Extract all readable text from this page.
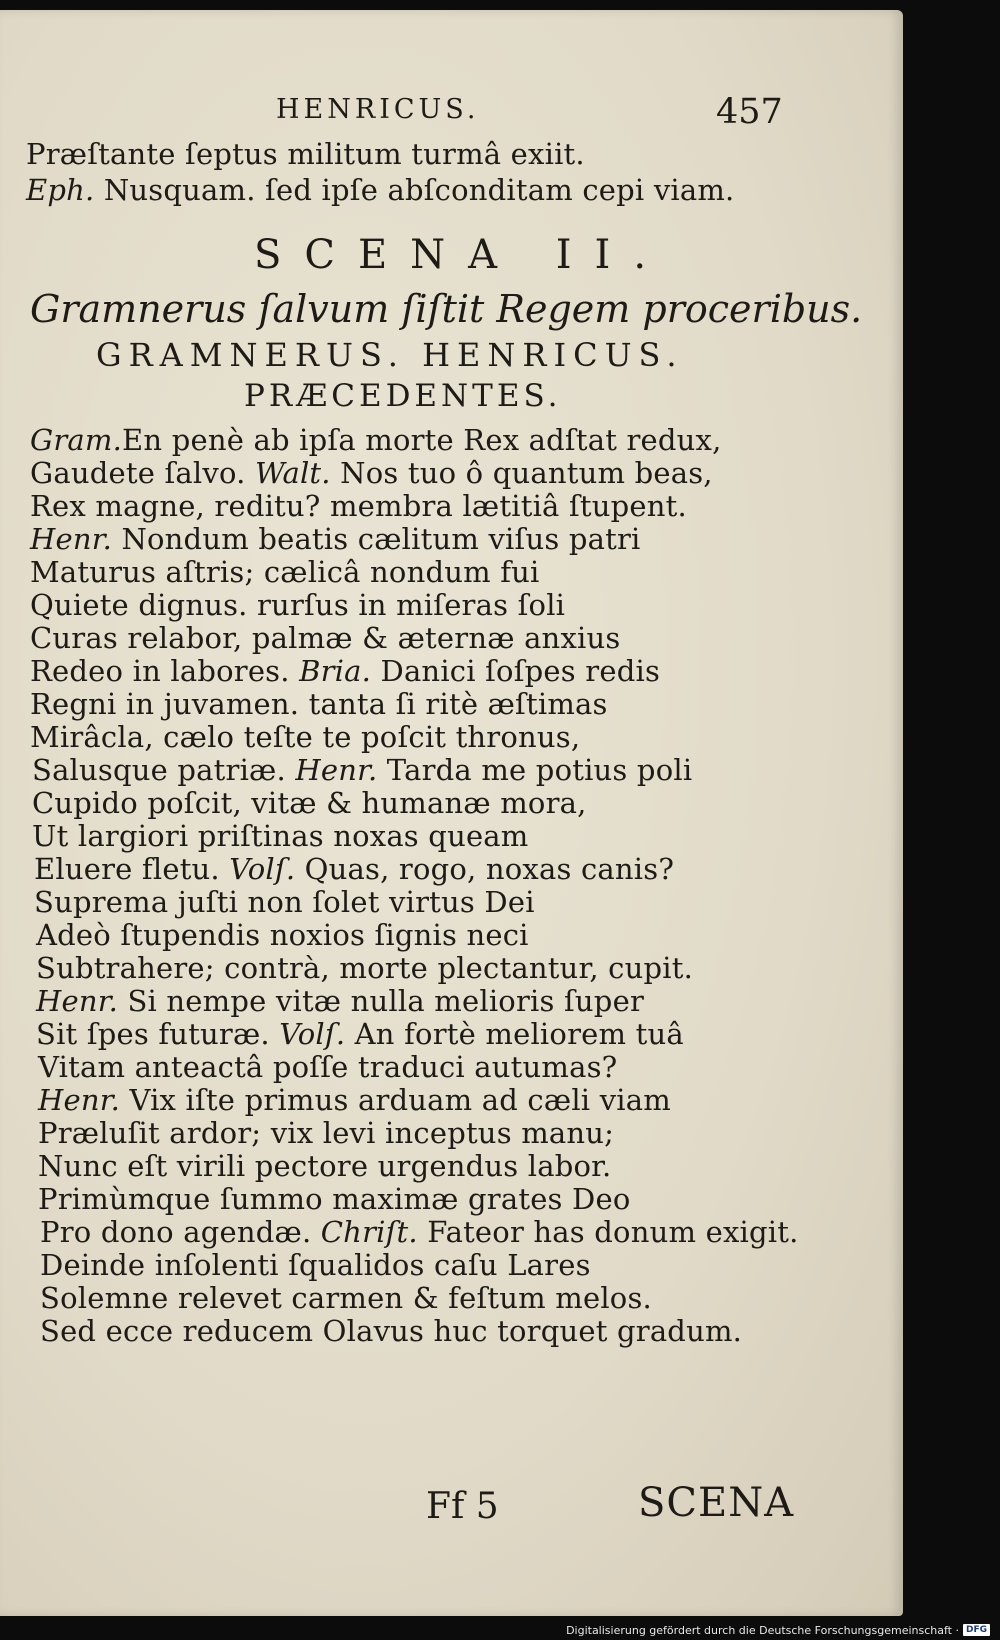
HENRICUS.	457
Præſtante ſeptus militum turmâ exiit.
Eph. Nusquam. ſed ipſe abſconditam cepi viam.
SCENA II.
Gramnerus ſalvum ſiſtit Regem proceribus.
GRAMNERUS. HENRICUS.
PRÆCEDENTES.
Gram.En penè ab ipſa morte Rex adſtat redux,
Gaudete ſalvo. Walt. Nos tuo ô quantum beas,
Rex magne, reditu? membra lætitiâ ſtupent.
Henr. Nondum beatis cælitum viſus patri
Maturus aſtris; cælicâ nondum fui
Quiete dignus. rurſus in miſeras ſoli
Curas relabor, palmæ & æternæ anxius
Redeo in labores. Bria. Danici ſoſpes redis
Regni in juvamen. tanta ſi ritè æſtimas
Mirâcla, cælo teſte te poſcit thronus,
Salusque patriæ. Henr. Tarda me potius poli
Cupido poſcit, vitæ & humanæ mora,
Ut largiori priſtinas noxas queam
Eluere fletu. Volſ. Quas, rogo, noxas canis?
Suprema juſti non ſolet virtus Dei
Adeò ſtupendis noxios ſignis neci
Subtrahere; contrà, morte plectantur, cupit.
Henr. Si nempe vitæ nulla melioris ſuper
Sit ſpes futuræ. Volſ. An fortè meliorem tuâ
Vitam anteactâ poſſe traduci autumas?
Henr. Vix iſte primus arduam ad cæli viam
Præluſit ardor; vix levi inceptus manu;
Nunc eſt virili pectore urgendus labor.
Primùmque ſummo maximæ grates Deo
Pro dono agendæ. Chriſt. Fateor has donum exigit.
Deinde inſolenti ſqualidos caſu Lares
Solemne relevet carmen & feſtum melos.
Sed ecce reducem Olavus huc torquet gradum.
Ff 5	SCENA
Digitalisierung gefördert durch die Deutsche Forschungsgemeinschaft · DFG
